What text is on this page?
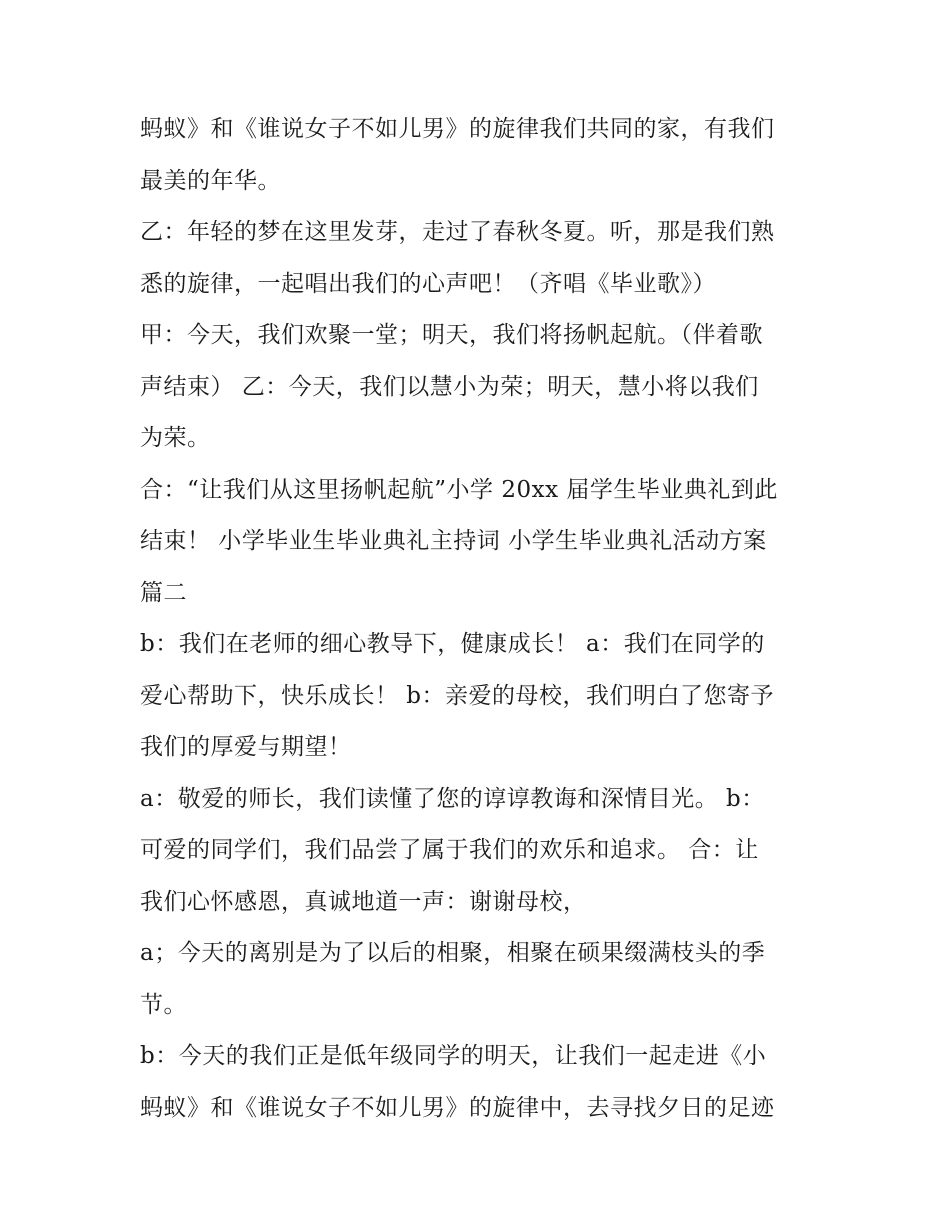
蚂蚁》和《谁说女子不如儿男》的旋律我们共同的家，有我们
最美的年华。
乙：年轻的梦在这里发芽，走过了春秋冬夏。听，那是我们熟
悉的旋律，一起唱出我们的心声吧！（齐唱《毕业歌》）
甲：今天，我们欢聚一堂；明天，我们将扬帆起航。（伴着歌
声结束） 乙：今天，我们以慧小为荣；明天，慧小将以我们
为荣。
合：“让我们从这里扬帆起航”小学 20xx 届学生毕业典礼到此
结束！ 小学毕业生毕业典礼主持词 小学生毕业典礼活动方案
篇二
b：我们在老师的细心教导下，健康成长！ a：我们在同学的
爱心帮助下，快乐成长！ b：亲爱的母校，我们明白了您寄予
我们的厚爱与期望！
a：敬爱的师长，我们读懂了您的谆谆教诲和深情目光。 b：
可爱的同学们，我们品尝了属于我们的欢乐和追求。 合：让
我们心怀感恩，真诚地道一声：谢谢母校，
a；今天的离别是为了以后的相聚，相聚在硕果缀满枝头的季
节。
b：今天的我们正是低年级同学的明天，让我们一起走进《小
蚂蚁》和《谁说女子不如儿男》的旋律中，去寻找夕日的足迹
